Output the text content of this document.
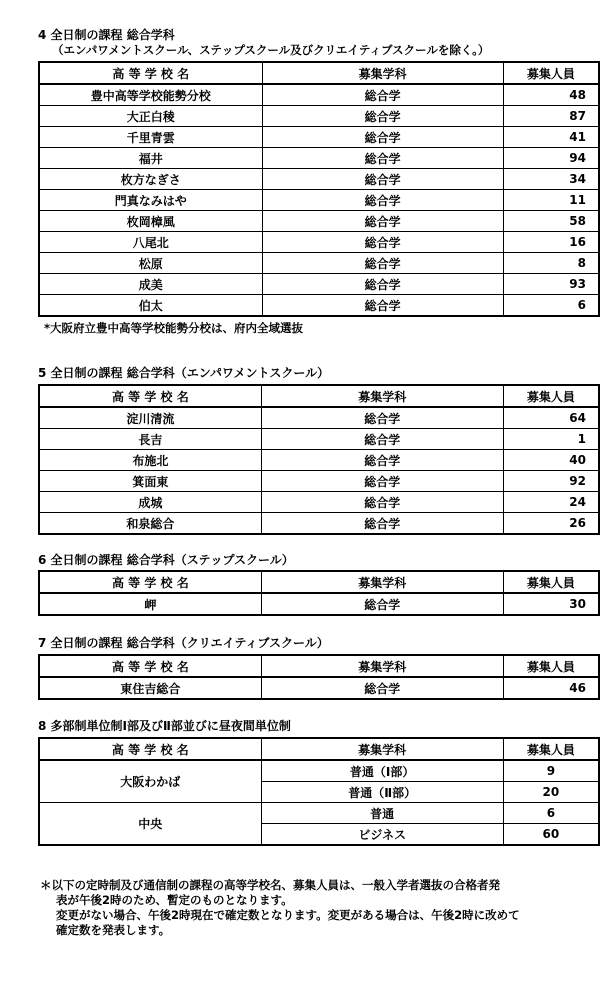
4 全日制の課程 総合学科
（エンパワメントスクール、ステップスクール及びクリエイティブスクールを除く。）
高 等 学 校 名	募集学科	募集人員
豊中高等学校能勢分校	総合学	48
大正白稜	総合学	87
千里青雲	総合学	41
福井	総合学	94
枚方なぎさ	総合学	34
門真なみはや	総合学	11
枚岡樟風	総合学	58
八尾北	総合学	16
松原	総合学	8
成美	総合学	93
伯太	総合学	6
*大阪府立豊中高等学校能勢分校は、府内全域選抜
5 全日制の課程 総合学科（エンパワメントスクール）
高 等 学 校 名	募集学科	募集人員
淀川清流	総合学	64
長吉	総合学	1
布施北	総合学	40
箕面東	総合学	92
成城	総合学	24
和泉総合	総合学	26
6 全日制の課程 総合学科（ステップスクール）
高 等 学 校 名	募集学科	募集人員
岬	総合学	30
7 全日制の課程 総合学科（クリエイティブスクール）
高 等 学 校 名	募集学科	募集人員
東住吉総合	総合学	46
8 多部制単位制Ⅰ部及びⅡ部並びに昼夜間単位制
高 等 学 校 名	募集学科	募集人員
大阪わかば	普通（Ⅰ部）	9
	普通（Ⅱ部）	20
中央	普通	6
	ビジネス	60
＊以下の定時制及び通信制の課程の高等学校名、募集人員は、一般入学者選抜の合格者発
表が午後2時のため、暫定のものとなります。
変更がない場合、午後2時現在で確定数となります。変更がある場合は、午後2時に改めて
確定数を発表します。
